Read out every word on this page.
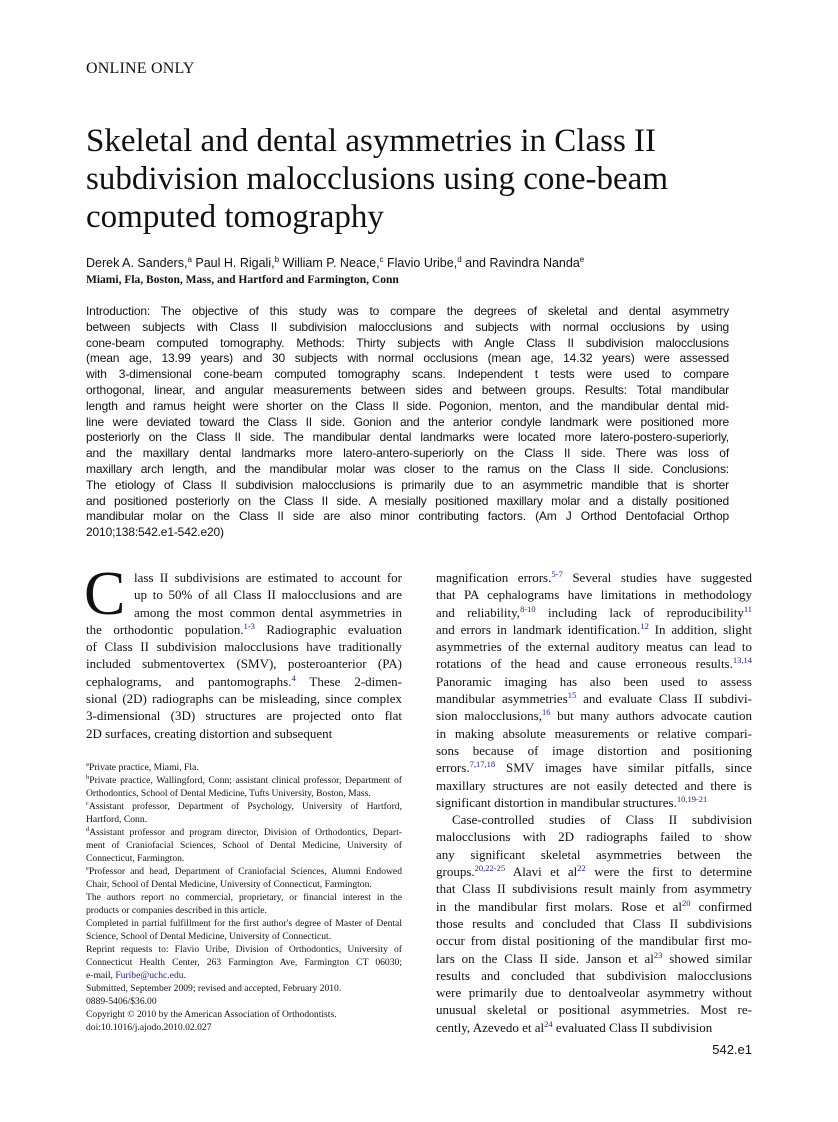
ONLINE ONLY
Skeletal and dental asymmetries in Class II
subdivision malocclusions using cone-beam
computed tomography
Derek A. Sanders,$^a$ Paul H. Rigali,$^b$ William P. Neace,$^c$ Flavio Uribe,$^d$ and Ravindra Nanda$^e$
Miami, Fla, Boston, Mass, and Hartford and Farmington, Conn
Introduction: The objective of this study was to compare the degrees of skeletal and dental asymmetry
between subjects with Class II subdivision malocclusions and subjects with normal occlusions by using
cone-beam computed tomography. Methods: Thirty subjects with Angle Class II subdivision malocclusions
(mean age, 13.99 years) and 30 subjects with normal occlusions (mean age, 14.32 years) were assessed
with 3-dimensional cone-beam computed tomography scans. Independent t tests were used to compare
orthogonal, linear, and angular measurements between sides and between groups. Results: Total mandibular
length and ramus height were shorter on the Class II side. Pogonion, menton, and the mandibular dental mid-
line were deviated toward the Class II side. Gonion and the anterior condyle landmark were positioned more
posteriorly on the Class II side. The mandibular dental landmarks were located more latero-postero-superiorly,
and the maxillary dental landmarks more latero-antero-superiorly on the Class II side. There was loss of
maxillary arch length, and the mandibular molar was closer to the ramus on the Class II side. Conclusions:
The etiology of Class II subdivision malocclusions is primarily due to an asymmetric mandible that is shorter
and positioned posteriorly on the Class II side. A mesially positioned maxillary molar and a distally positioned
mandibular molar on the Class II side are also minor contributing factors. (Am J Orthod Dentofacial Orthop
2010;138:542.e1-542.e20)
C lass II subdivisions are estimated to account for
up to 50% of all Class II malocclusions and are
among the most common dental asymmetries in
the orthodontic population.$^{1-3}$ Radiographic evaluation
of Class II subdivision malocclusions have traditionally
included submentovertex (SMV), posteroanterior (PA)
cephalograms, and pantomographs.$^4$ These 2-dimen-
sional (2D) radiographs can be misleading, since complex
3-dimensional (3D) structures are projected onto flat
2D surfaces, creating distortion and subsequent
$^a$Private practice, Miami, Fla.
$^b$Private practice, Wallingford, Conn; assistant clinical professor, Department of
Orthodontics, School of Dental Medicine, Tufts University, Boston, Mass.
$^c$Assistant professor, Department of Psychology, University of Hartford,
Hartford, Conn.
$^d$Assistant professor and program director, Division of Orthodontics, Depart-
ment of Craniofacial Sciences, School of Dental Medicine, University of
Connecticut, Farmington.
$^e$Professor and head, Department of Craniofacial Sciences, Alumni Endowed
Chair, School of Dental Medicine, University of Connecticut, Farmington.
The authors report no commercial, proprietary, or financial interest in the
products or companies described in this article.
Completed in partial fulfillment for the first author's degree of Master of Dental
Science, School of Dental Medicine, University of Connecticut.
Reprint requests to: Flavio Uribe, Division of Orthodontics, University of
Connecticut Health Center, 263 Farmington Ave, Farmington CT 06030;
e-mail, Furibe@uchc.edu.
Submitted, September 2009; revised and accepted, February 2010.
0889-5406/$36.00
Copyright © 2010 by the American Association of Orthodontists.
doi:10.1016/j.ajodo.2010.02.027
magnification errors.$^{5-7}$ Several studies have suggested
that PA cephalograms have limitations in methodology
and reliability,$^{8-10}$ including lack of reproducibility$^{11}$
and errors in landmark identification.$^{12}$ In addition, slight
asymmetries of the external auditory meatus can lead to
rotations of the head and cause erroneous results.$^{13,14}$
Panoramic imaging has also been used to assess
mandibular asymmetries$^{15}$ and evaluate Class II subdivi-
sion malocclusions,$^{16}$ but many authors advocate caution
in making absolute measurements or relative compari-
sons because of image distortion and positioning
errors.$^{7,17,18}$ SMV images have similar pitfalls, since
maxillary structures are not easily detected and there is
significant distortion in mandibular structures.$^{10,19-21}$
Case-controlled studies of Class II subdivision
malocclusions with 2D radiographs failed to show
any significant skeletal asymmetries between the
groups.$^{20,22-25}$ Alavi et $al^{22}$ were the first to determine
that Class II subdivisions result mainly from asymmetry
in the mandibular first molars. Rose et $al^{20}$ confirmed
those results and concluded that Class II subdivisions
occur from distal positioning of the mandibular first mo-
lars on the Class II side. Janson et $al^{23}$ showed similar
results and concluded that subdivision malocclusions
were primarily due to dentoalveolar asymmetry without
unusual skeletal or positional asymmetries. Most re-
cently, Azevedo et $al^{24}$ evaluated Class II subdivision
542.e1
